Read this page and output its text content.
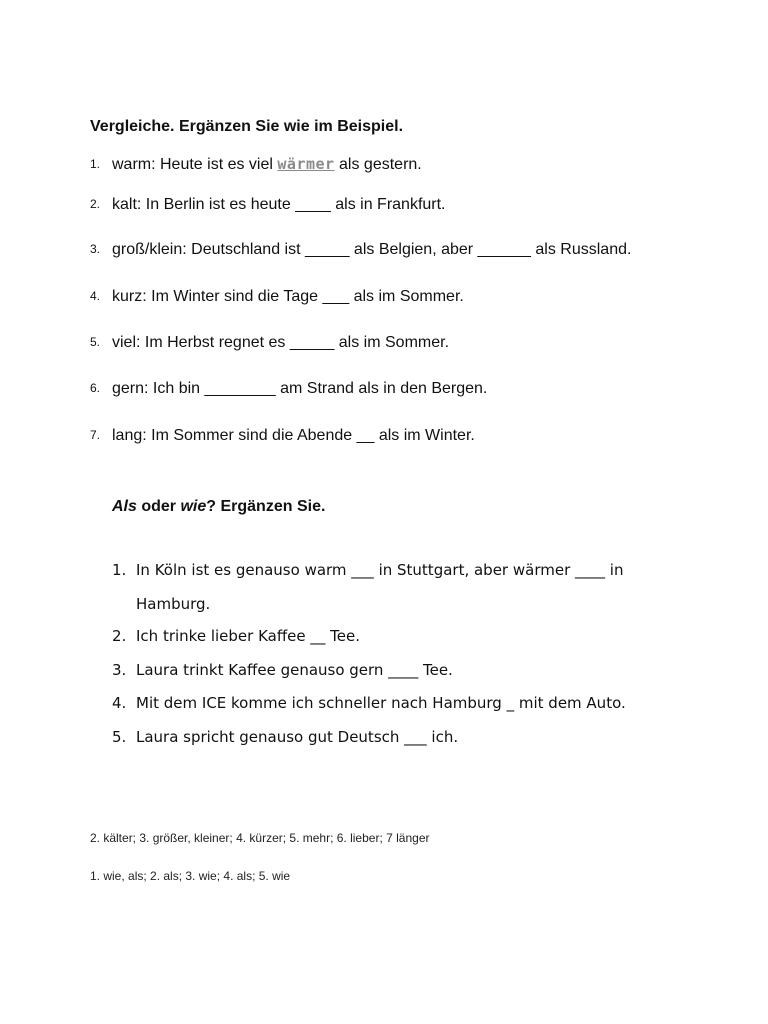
Vergleiche. Ergänzen Sie wie im Beispiel.
1. warm: Heute ist es viel wärmer als gestern.
2. kalt: In Berlin ist es heute ____ als in Frankfurt.
3. groß/klein: Deutschland ist _____ als Belgien, aber ______ als Russland.
4. kurz: Im Winter sind die Tage ___ als im Sommer.
5. viel: Im Herbst regnet es _____ als im Sommer.
6. gern: Ich bin ________ am Strand als in den Bergen.
7. lang: Im Sommer sind die Abende __ als im Winter.
Als oder wie? Ergänzen Sie.
1. In Köln ist es genauso warm ___ in Stuttgart, aber wärmer ____ in
Hamburg.
2. Ich trinke lieber Kaffee __ Tee.
3. Laura trinkt Kaffee genauso gern ____ Tee.
4. Mit dem ICE komme ich schneller nach Hamburg _ mit dem Auto.
5. Laura spricht genauso gut Deutsch ___ ich.
2. kälter; 3. größer, kleiner; 4. kürzer; 5. mehr; 6. lieber; 7 länger
1. wie, als; 2. als; 3. wie; 4. als; 5. wie
